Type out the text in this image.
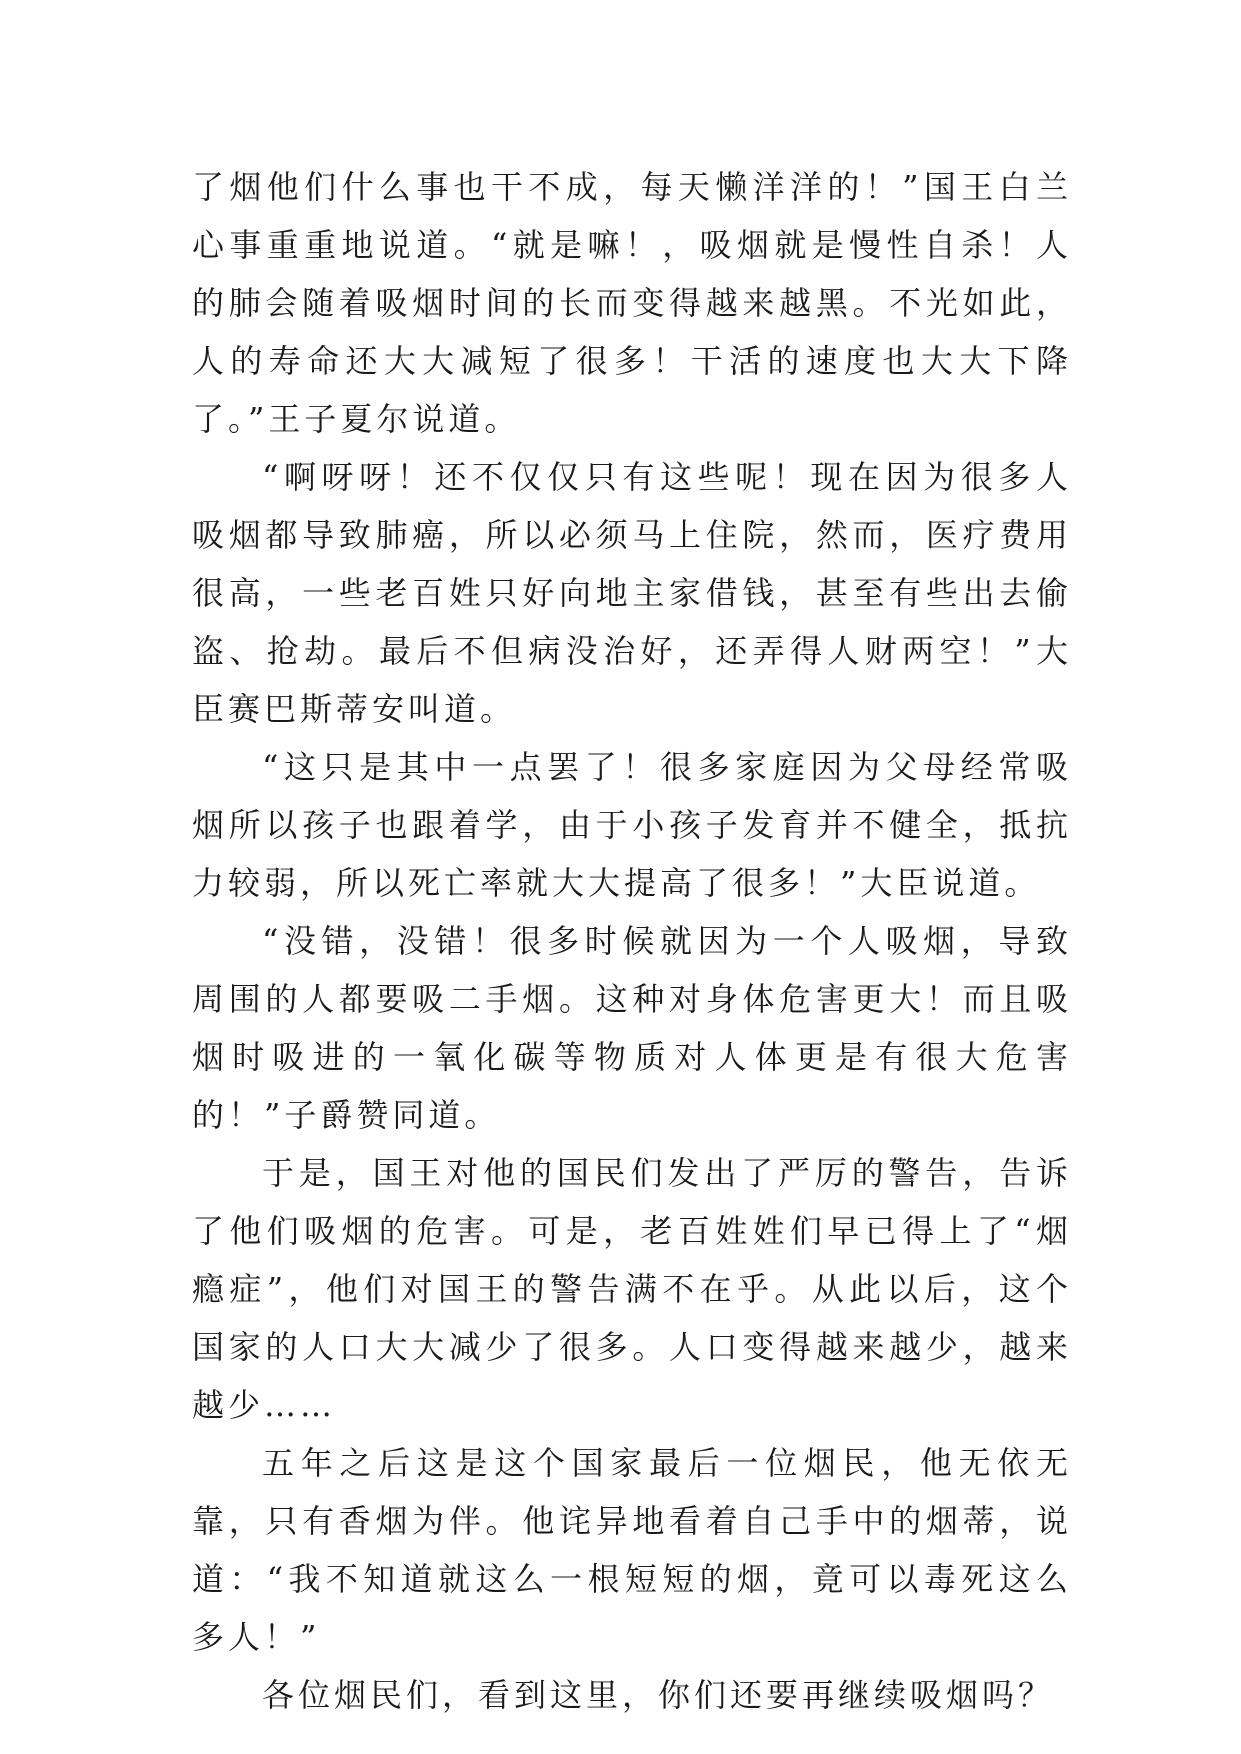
了烟他们什么事也干不成，每天懒洋洋的！”国王白兰心事重重地说道。“就是嘛！，吸烟就是慢性自杀！人的肺会随着吸烟时间的长而变得越来越黑。不光如此，人的寿命还大大减短了很多！干活的速度也大大下降了。”王子夏尔说道。

“啊呀呀！还不仅仅只有这些呢！现在因为很多人吸烟都导致肺癌，所以必须马上住院，然而，医疗费用很高，一些老百姓只好向地主家借钱，甚至有些出去偷盗、抢劫。最后不但病没治好，还弄得人财两空！”大臣赛巴斯蒂安叫道。

“这只是其中一点罢了！很多家庭因为父母经常吸烟所以孩子也跟着学，由于小孩子发育并不健全，抵抗力较弱，所以死亡率就大大提高了很多！”大臣说道。

“没错，没错！很多时候就因为一个人吸烟，导致周围的人都要吸二手烟。这种对身体危害更大！而且吸烟时吸进的一氧化碳等物质对人体更是有很大危害的！”子爵赞同道。

于是，国王对他的国民们发出了严厉的警告，告诉了他们吸烟的危害。可是，老百姓姓们早已得上了“烟瘾症”，他们对国王的警告满不在乎。从此以后，这个国家的人口大大减少了很多。人口变得越来越少，越来越少……

五年之后这是这个国家最后一位烟民，他无依无靠，只有香烟为伴。他诧异地看着自己手中的烟蒂，说道：“我不知道就这么一根短短的烟，竟可以毒死这么多人！”

各位烟民们，看到这里，你们还要再继续吸烟吗？
